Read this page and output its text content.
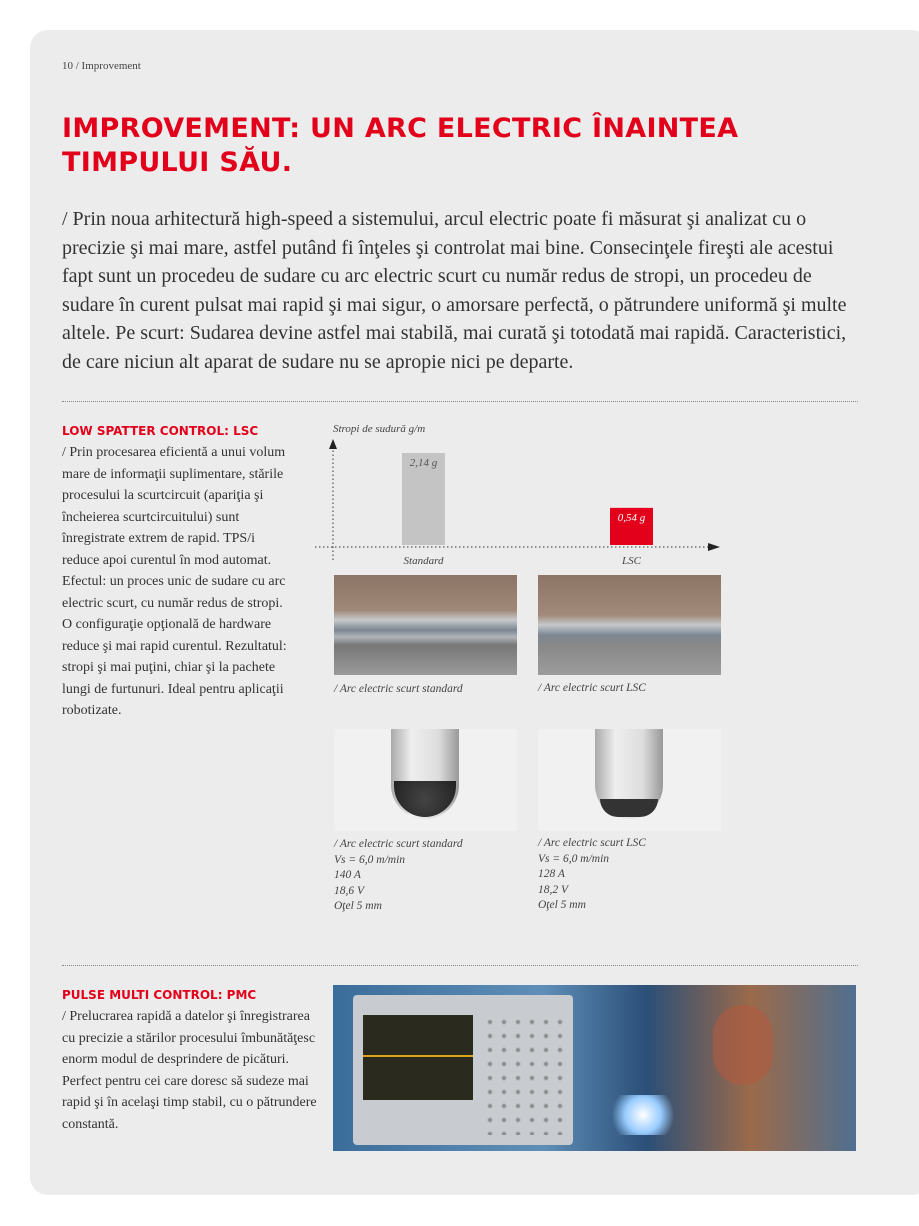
10 / Improvement
IMPROVEMENT: UN ARC ELECTRIC ÎNAINTEA TIMPULUI SĂU.
/ Prin noua arhitectură high-speed a sistemului, arcul electric poate fi măsurat şi analizat cu o precizie şi mai mare, astfel putând fi înţeles şi controlat mai bine. Consecinţele fireşti ale acestui fapt sunt un procedeu de sudare cu arc electric scurt cu număr redus de stropi, un procedeu de sudare în curent pulsat mai rapid şi mai sigur, o amorsare perfectă, o pătrundere uniformă şi multe altele. Pe scurt: Sudarea devine astfel mai stabilă, mai curată şi totodată mai rapidă. Caracteristici, de care niciun alt aparat de sudare nu se apropie nici pe departe.
LOW SPATTER CONTROL: LSC
/ Prin procesarea eficientă a unui volum mare de informaţii suplimentare, stările procesului la scurtcircuit (apariţia şi încheierea scurtcircuitului) sunt înregistrate extrem de rapid. TPS/i reduce apoi curentul în mod automat. Efectul: un proces unic de sudare cu arc electric scurt, cu număr redus de stropi. O configuraţie opţională de hardware reduce şi mai rapid curentul. Rezultatul: stropi şi mai puţini, chiar şi la pachete lungi de furtunuri. Ideal pentru aplicaţii robotizate.
Stropi de sudură g/m
2,14 g
Standard
0,54 g
LSC
/ Arc electric scurt standard	/ Arc electric scurt LSC
/ Arc electric scurt standard
Vs = 6,0 m/min
140 A
18,6 V
Oţel 5 mm
/ Arc electric scurt LSC
Vs = 6,0 m/min
128 A
18,2 V
Oţel 5 mm
PULSE MULTI CONTROL: PMC
/ Prelucrarea rapidă a datelor şi înregistrarea cu precizie a stărilor procesului îmbunătăţesc enorm modul de desprindere de picături. Perfect pentru cei care doresc să sudeze mai rapid şi în acelaşi timp stabil, cu o pătrundere constantă.
